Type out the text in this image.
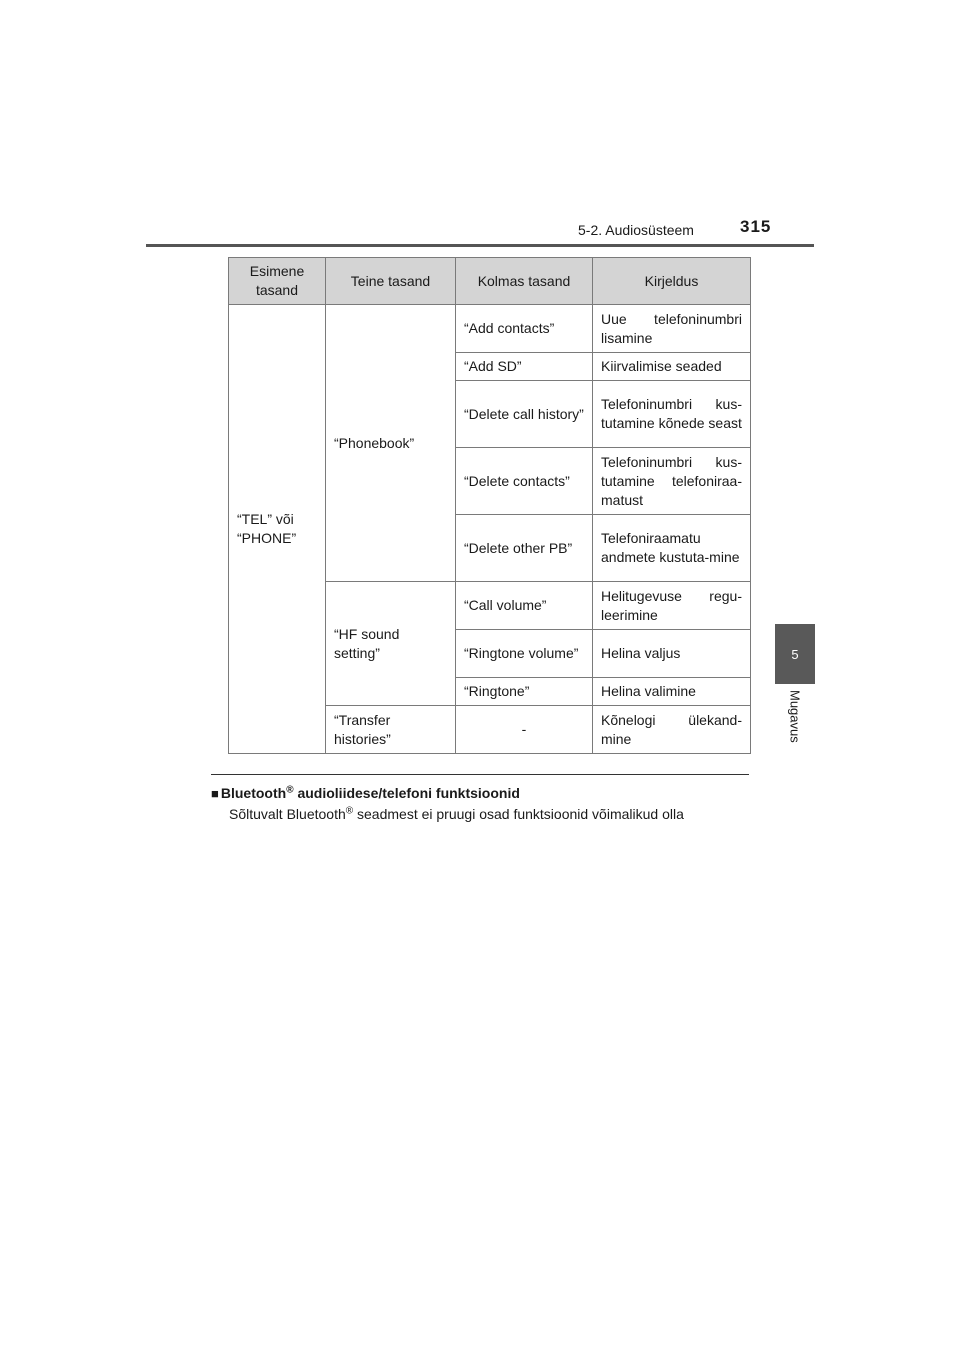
5-2. Audiosüsteem	315
5
Mugavus
Esimene tasand	Teine tasand	Kolmas tasand	Kirjeldus
“TEL” või “PHONE”	“Phonebook”	“Add contacts”	Uue telefoninumbri lisamine
		“Add SD”	Kiirvalimise seaded
		“Delete call history”	Telefoninumbri kus-tutamine kõnede seast
		“Delete contacts”	Telefoninumbri kus-tutamine telefoniraa-matust
		“Delete other PB”	Telefoniraamatu andmete kustuta-mine
	“HF sound setting”	“Call volume”	Helitugevuse regu-leerimine
		“Ringtone volume”	Helina valjus
		“Ringtone”	Helina valimine
	“Transfer histories”	-	Kõnelogi ülekand-mine
■ Bluetooth® audioliidese/telefoni funktsioonid
Sõltuvalt Bluetooth® seadmest ei pruugi osad funktsioonid võimalikud olla
